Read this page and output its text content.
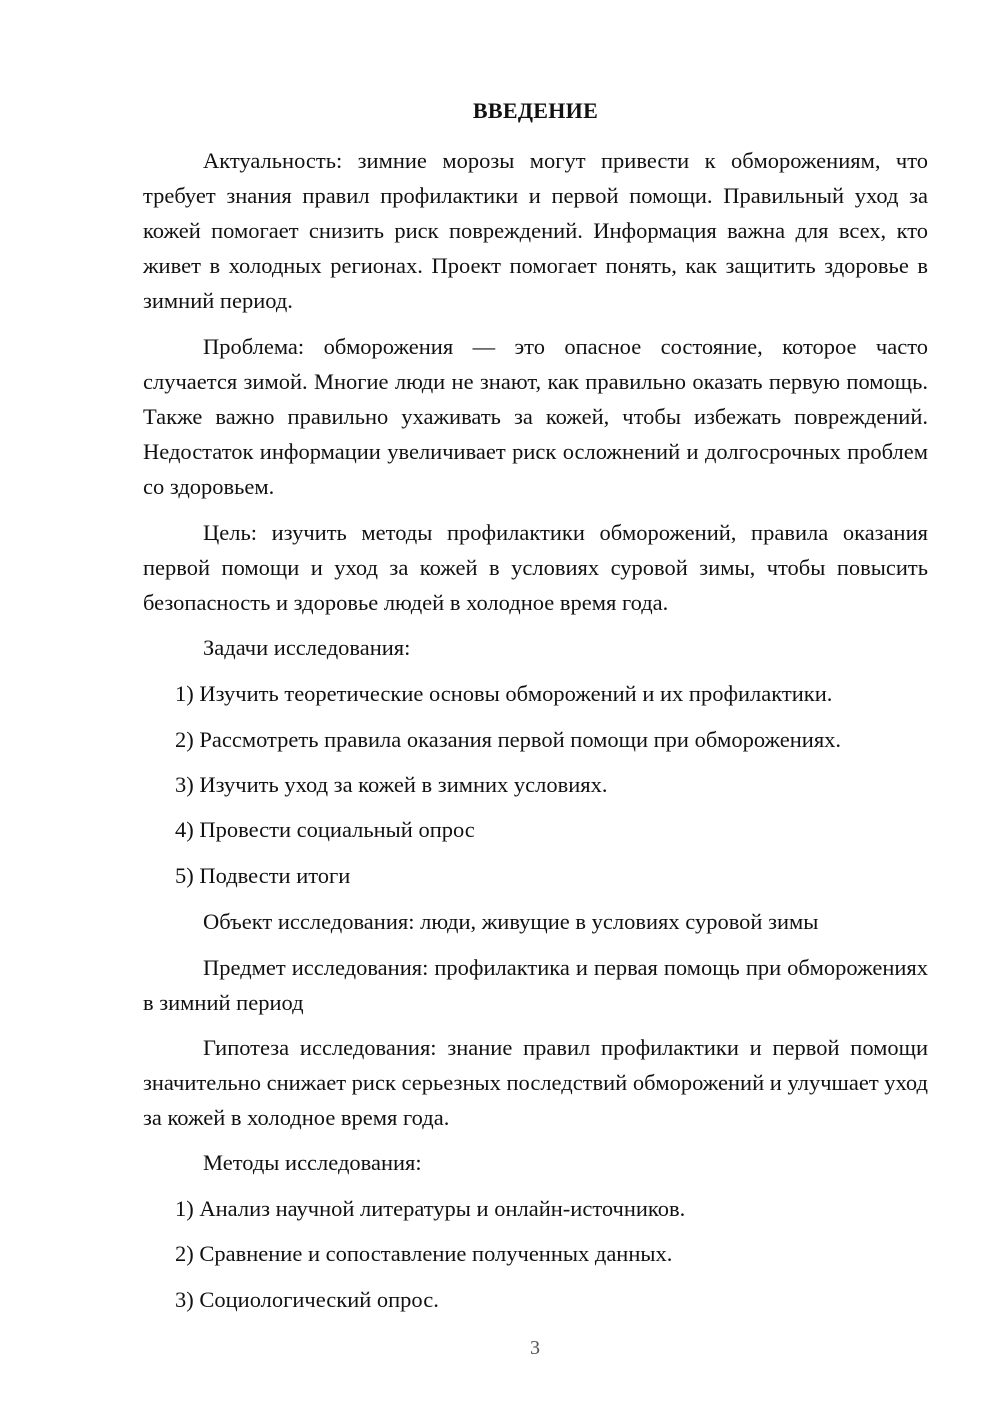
ВВЕДЕНИЕ

Актуальность: зимние морозы могут привести к обморожениям, что требует знания правил профилактики и первой помощи. Правильный уход за кожей помогает снизить риск повреждений. Информация важна для всех, кто живет в холодных регионах. Проект помогает понять, как защитить здоровье в зимний период.

Проблема: обморожения — это опасное состояние, которое часто случается зимой. Многие люди не знают, как правильно оказать первую помощь. Также важно правильно ухаживать за кожей, чтобы избежать повреждений. Недостаток информации увеличивает риск осложнений и долгосрочных проблем со здоровьем.

Цель: изучить методы профилактики обморожений, правила оказания первой помощи и уход за кожей в условиях суровой зимы, чтобы повысить безопасность и здоровье людей в холодное время года.

Задачи исследования:

1) Изучить теоретические основы обморожений и их профилактики.

2) Рассмотреть правила оказания первой помощи при обморожениях.

3) Изучить уход за кожей в зимних условиях.

4) Провести социальный опрос

5) Подвести итоги

Объект исследования: люди, живущие в условиях суровой зимы

Предмет исследования: профилактика и первая помощь при обморожениях в зимний период

Гипотеза исследования: знание правил профилактики и первой помощи значительно снижает риск серьезных последствий обморожений и улучшает уход за кожей в холодное время года.

Методы исследования:

1) Анализ научной литературы и онлайн-источников.

2) Сравнение и сопоставление полученных данных.

3) Социологический опрос.

3
